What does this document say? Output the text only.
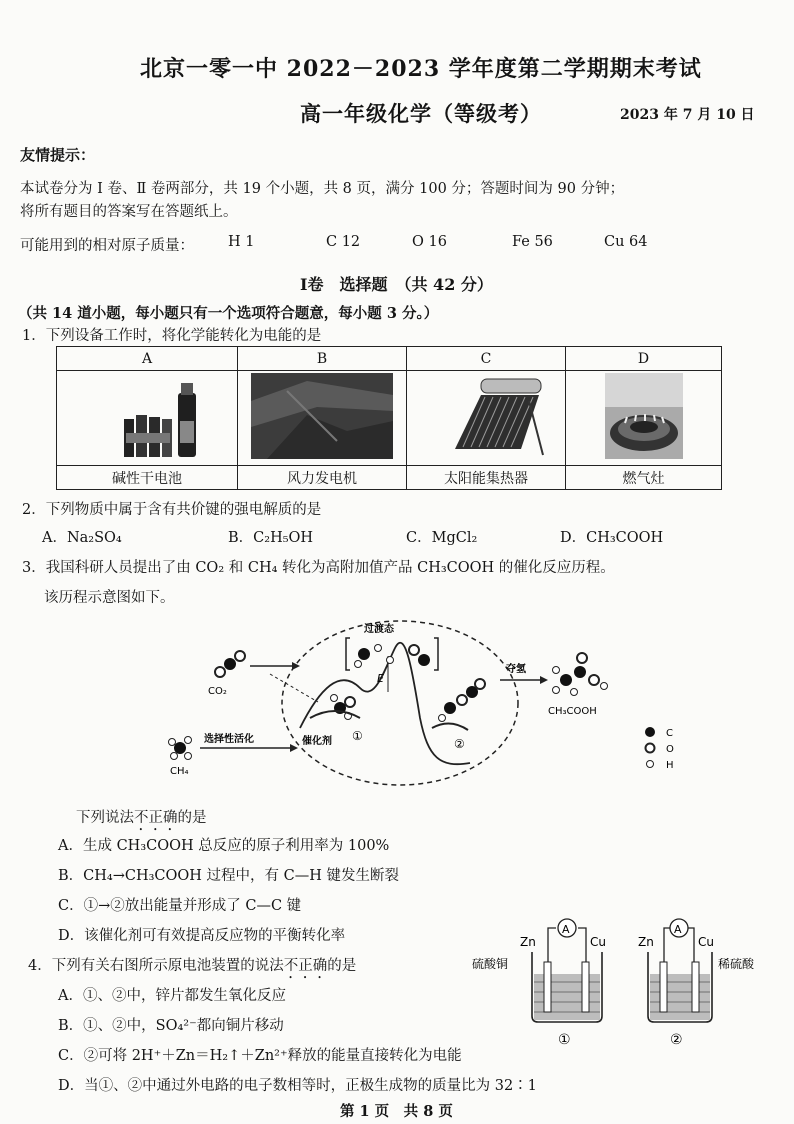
北京一零一中 2022－2023 学年度第二学期期末考试
高一年级化学（等级考）	2023 年 7 月 10 日
友情提示：
本试卷分为 Ⅰ 卷、Ⅱ 卷两部分，共 19 个小题，共 8 页，满分 100 分；答题时间为 90 分钟；
将所有题目的答案写在答题纸上。
可能用到的相对原子质量： H 1	C 12	O 16	Fe 56	Cu 64
Ⅰ卷　选择题　（共 42 分）
（共 14 道小题，每小题只有一个选项符合题意，每小题 3 分。）
1．下列设备工作时，将化学能转化为电能的是
A	B	C	D

碱性干电池	风力发电机	太阳能集热器	燃气灶
2．下列物质中属于含有共价键的强电解质的是
A．Na₂SO₄	B．C₂H₅OH	C．MgCl₂	D．CH₃COOH
3．我国科研人员提出了由 CO₂ 和 CH₄ 转化为高附加值产品 CH₃COOH 的催化反应历程。
该历程示意图如下。
CO₂
CH₄
选择性活化
E
过渡态
催化剂 ①
②
夺氢
CH₃COOH
C
O
H
下列说法不正确的是
A．生成 CH₃COOH 总反应的原子利用率为 100%
B．CH₄→CH₃COOH 过程中，有 C—H 键发生断裂
C．①→②放出能量并形成了 C—C 键
D．该催化剂可有效提高反应物的平衡转化率
4．下列有关右图所示原电池装置的说法不正确的是
A．①、②中，锌片都发生氧化反应
B．①、②中，SO₄²⁻都向铜片移动
C．②可将 2H⁺＋Zn＝H₂↑＋Zn²⁺释放的能量直接转化为电能
D．当①、②中通过外电路的电子数相等时，正极生成物的质量比为 32∶1
Zn	Cu
A
硫酸铜
①
Zn	Cu
A
稀硫酸
②
第 1 页　共 8 页
